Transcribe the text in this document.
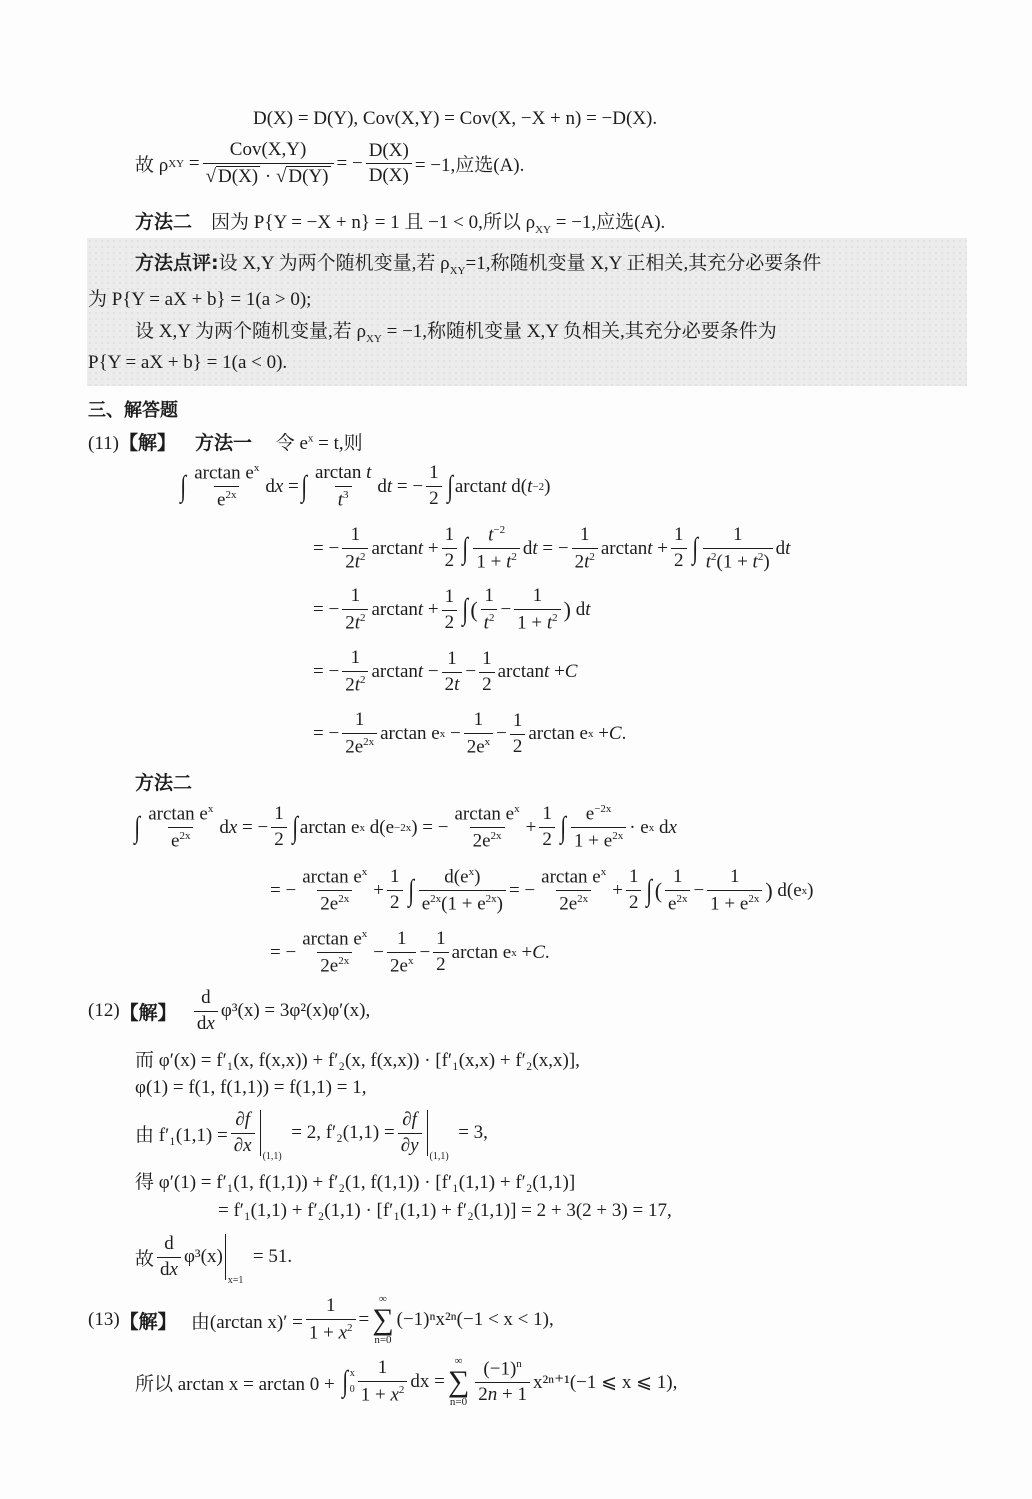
D(X) = D(Y), Cov(X,Y) = Cov(X, −X + n) = −D(X).
故 ρ XY = $\frac{\text{Cov(X,Y)}}{√ D(X) \cdot √ D(Y)}$ = − $\frac{D(X)}{D(X)} = -1$,应选(A).
方法二 因为 P{Y = −X + n} = 1 且 −1 < 0,所以 $\rho_{XY} = -1$,应选(A).
方法点评:设 X,Y 为两个随机变量,若 $\rho_{XY}=1$,称随机变量 X,Y 正相关,其充分必要条件
为 P{Y = aX + b} = 1(a > 0);
设 X,Y 为两个随机变量,若 $\rho_{XY} = -1$,称随机变量 X,Y 负相关,其充分必要条件为
P{Y = aX + b} = 1(a < 0).
三、解答题
(11)【解】 方法一 令 $e^x = t$,则
∫ $\frac{\arctan e^x}{e^{2x}}$ d x = ∫ $\frac{\text{arctan t}}{t^3}$ d t = − $\frac{1}{2}$ ∫ arctan t d( t −2 )
= − $\frac{1}{2t^2}$ $\arctan t + \frac{1}{2}$ ∫ $\frac{t^{-2}}{1 + t^2}$ d t = − $\frac{1}{2t^2}$ $\arctan t + \frac{1}{2}$ ∫ $\frac{1}{t^2(1 + t^2)}$ d t
= − $\frac{1}{2t^2}$ $\arctan t + \frac{1}{2}$ ∫ ( $\frac{1}{t^2} - \frac{1}{1 + t^2}$ ) d t
= − $\frac{1}{2t^2}$ $\arctan t - \frac{1}{2t} - \frac{1}{2}$ arctan t + C
= − $\frac{1}{2e^{2x}}$ arctan e $x - \frac{1}{2e^x} - \frac{1}{2}$ arctan e x + C .
方法二
∫ $\frac{\arctan e^x}{e^{2x}}$ d x = − $\frac{1}{2}$ ∫ arctan e x d(e −2x ) = − $\frac{\arctan e^x}{2e^{2x}} + \frac{1}{2}$ ∫ $\frac{e^{-2x}}{1 + e^{2x}} \cdot e$ x d x
= − $\frac{\arctan e^x}{2e^{2x}} + \frac{1}{2}$ ∫ $\frac{d(e^x)}{e^{2x}(1 + e^{2x})}$ = − $\frac{\arctan e^x}{2e^{2x}} + \frac{1}{2}$ ∫ ( $\frac{1}{e^{2x}} - \frac{1}{1 + e^{2x}}$ ) d(e x )
= − $\frac{\arctan e^x}{2e^{2x}} - \frac{1}{2e^x} - \frac{1}{2}$ arctan e x + C .
(12) 【解】
$\frac{d}{dx} \varphi^3(x) = 3\varphi^2(x)\varphi'(x)$,
而 φ′(x) = f′₁(x, f(x,x)) + f′₂(x, f(x,x)) · [f′₁(x,x) + f′₂(x,x)],
φ(1) = f(1, f(1,1)) = f(1,1) = 1,
由 $f'_1(1,1) = \frac{\partial f}{\partial x}$
(1,1)

= 2, $f'_2(1,1) = \frac{\partial f}{\partial y}$
(1,1)

= 3,
得 φ′(1) = f′₁(1, f(1,1)) + f′₂(1, f(1,1)) · [f′₁(1,1) + f′₂(1,1)]
= f′₁(1,1) + f′₂(1,1) · [f′₁(1,1) + f′₂(1,1)] = 2 + 3(2 + 3) = 17,
故 $\frac{d}{dx} \varphi^3(x)$
x=1

= 51.
(13) 【解】
由(arctan $x)' = \frac{1}{1 + x^2}$ =
∞
∑
n=0
(−1)ⁿx²ⁿ(−1 < x < 1),
所以 arctan x = arctan 0 +
∫ x
$0 \frac{1}{1 + x^2}$ dx =
∞
∑
$n=0 \frac{(-1)^n}{2n + 1} x^{2n+1}(-1$ ⩽ x ⩽ 1),
